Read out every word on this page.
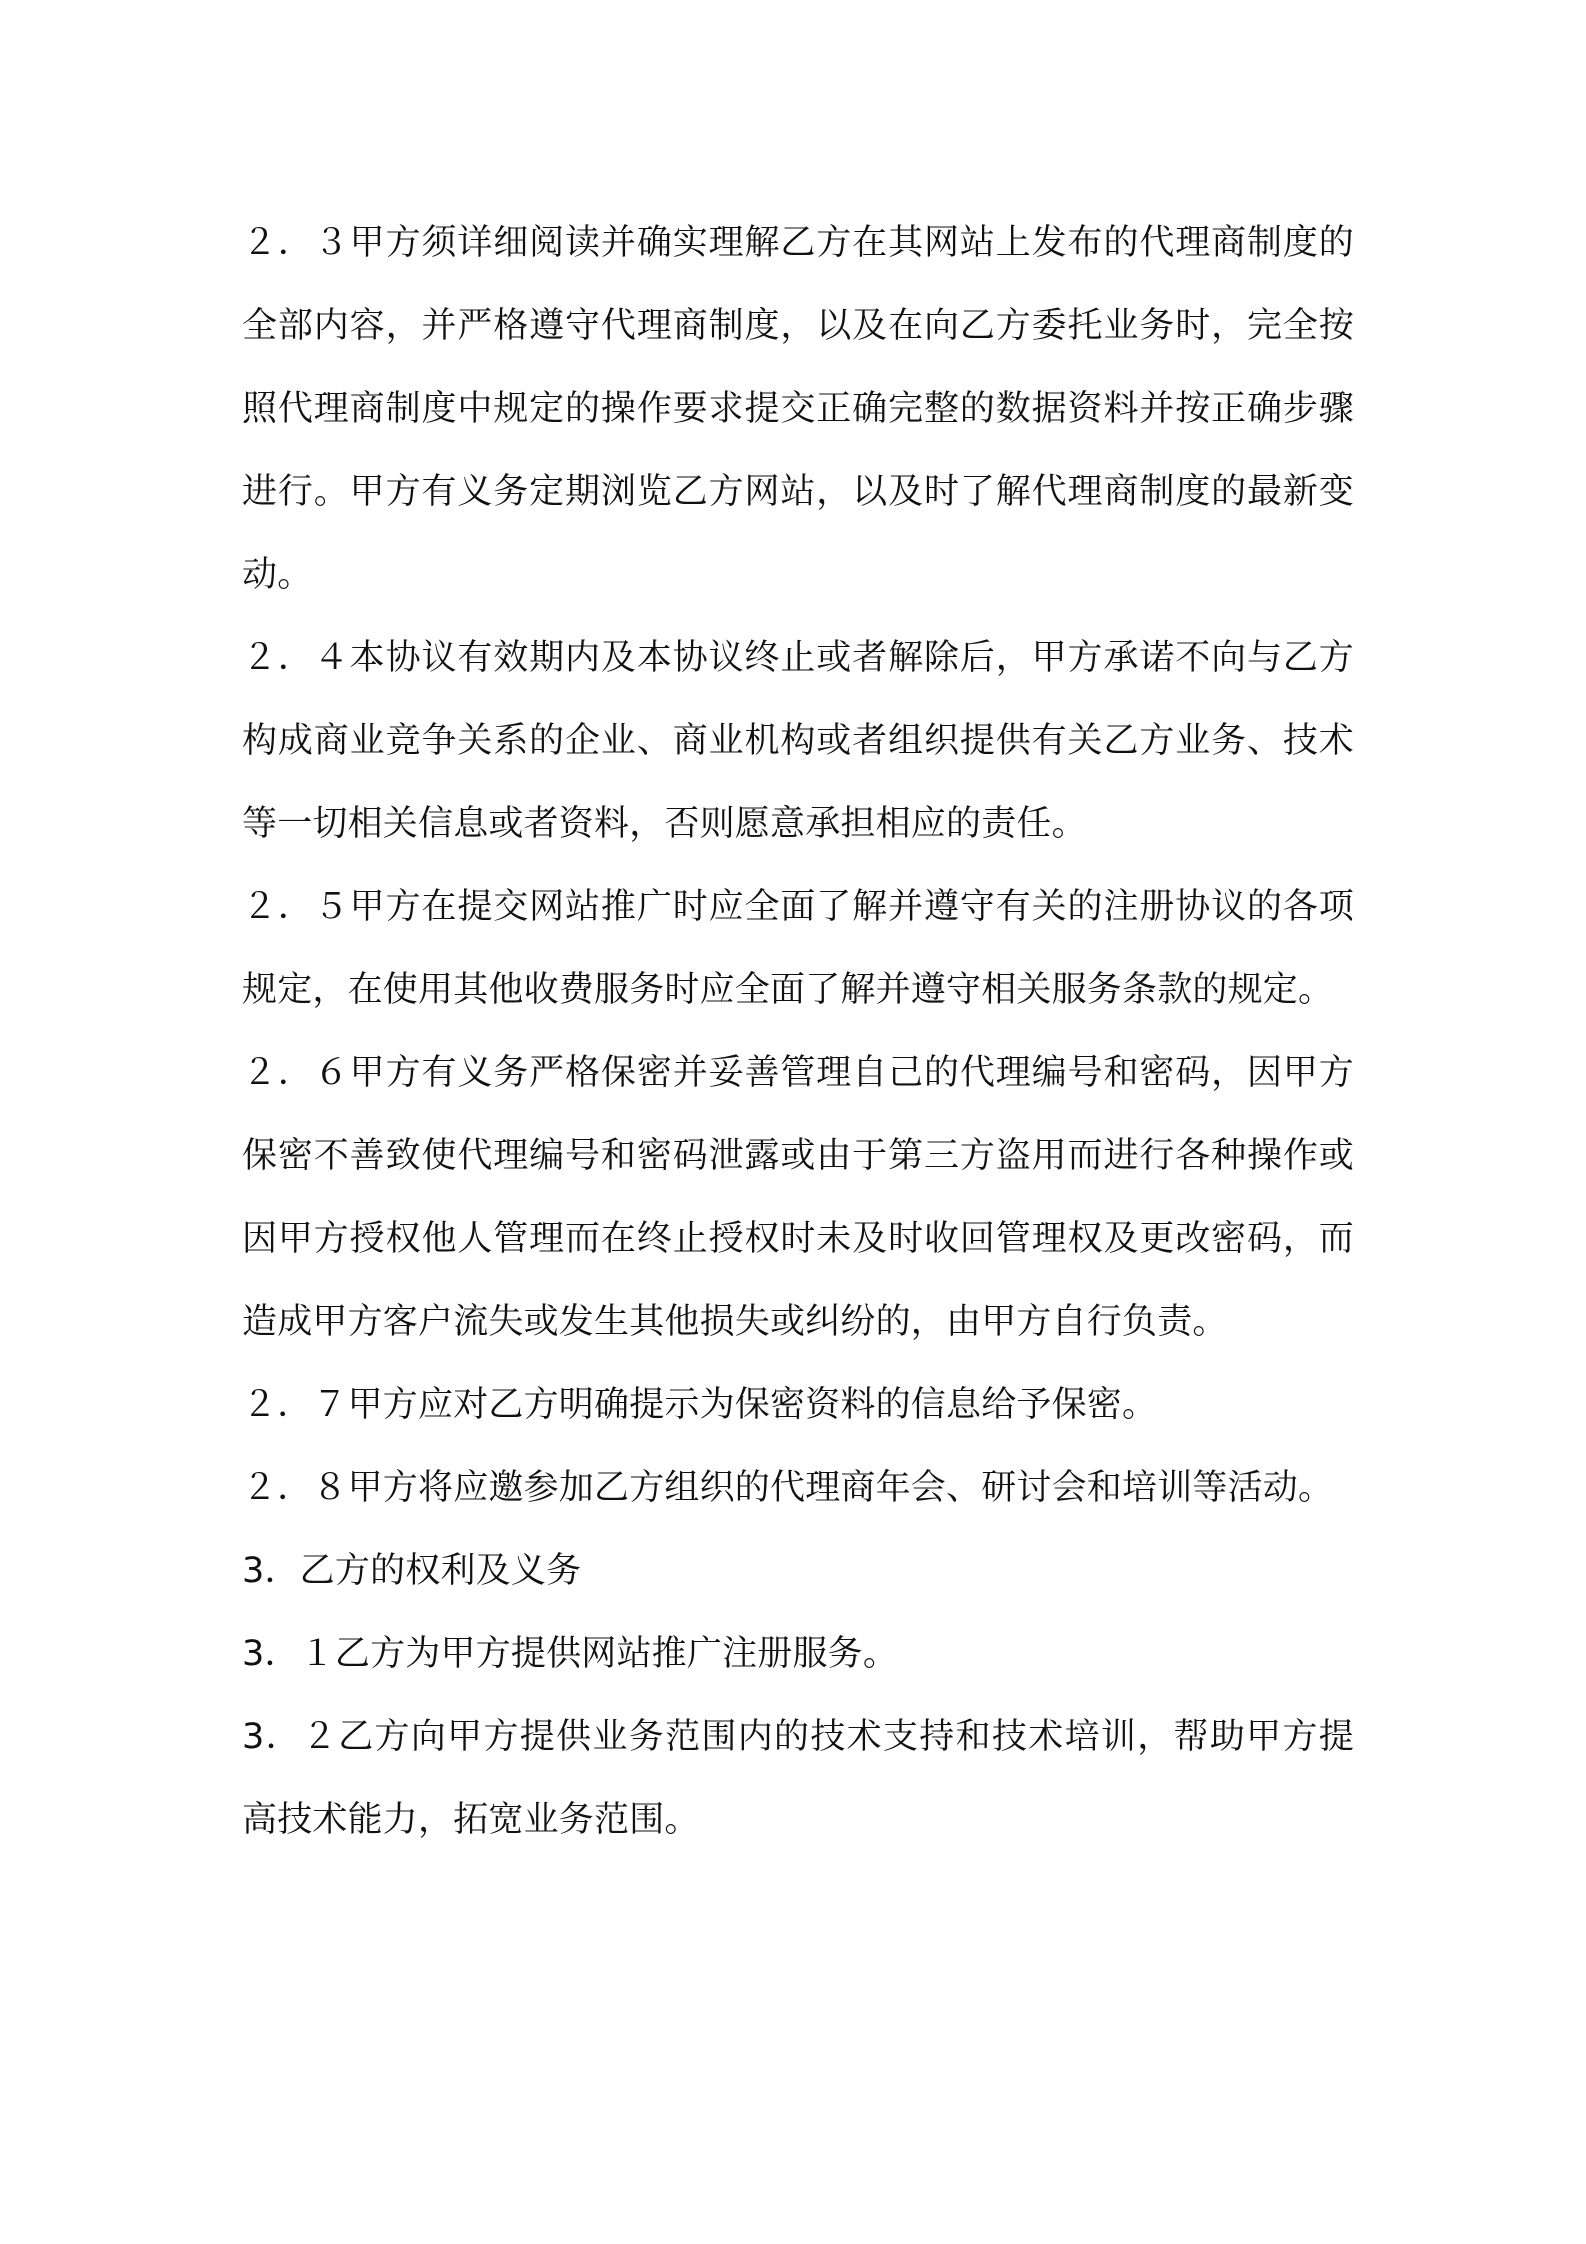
２．３甲方须详细阅读并确实理解乙方在其网站上发布的代理商制度的全部内容，并严格遵守代理商制度，以及在向乙方委托业务时，完全按照代理商制度中规定的操作要求提交正确完整的数据资料并按正确步骤进行。甲方有义务定期浏览乙方网站，以及时了解代理商制度的最新变动。

２．４本协议有效期内及本协议终止或者解除后，甲方承诺不向与乙方构成商业竞争关系的企业、商业机构或者组织提供有关乙方业务、技术等一切相关信息或者资料，否则愿意承担相应的责任。

２．５甲方在提交网站推广时应全面了解并遵守有关的注册协议的各项规定，在使用其他收费服务时应全面了解并遵守相关服务条款的规定。

２．６甲方有义务严格保密并妥善管理自己的代理编号和密码，因甲方保密不善致使代理编号和密码泄露或由于第三方盗用而进行各种操作或因甲方授权他人管理而在终止授权时未及时收回管理权及更改密码，而造成甲方客户流失或发生其他损失或纠纷的，由甲方自行负责。

２．７甲方应对乙方明确提示为保密资料的信息给予保密。

２．８甲方将应邀参加乙方组织的代理商年会、研讨会和培训等活动。

3．乙方的权利及义务

3．１乙方为甲方提供网站推广注册服务。

3．２乙方向甲方提供业务范围内的技术支持和技术培训，帮助甲方提高技术能力，拓宽业务范围。
